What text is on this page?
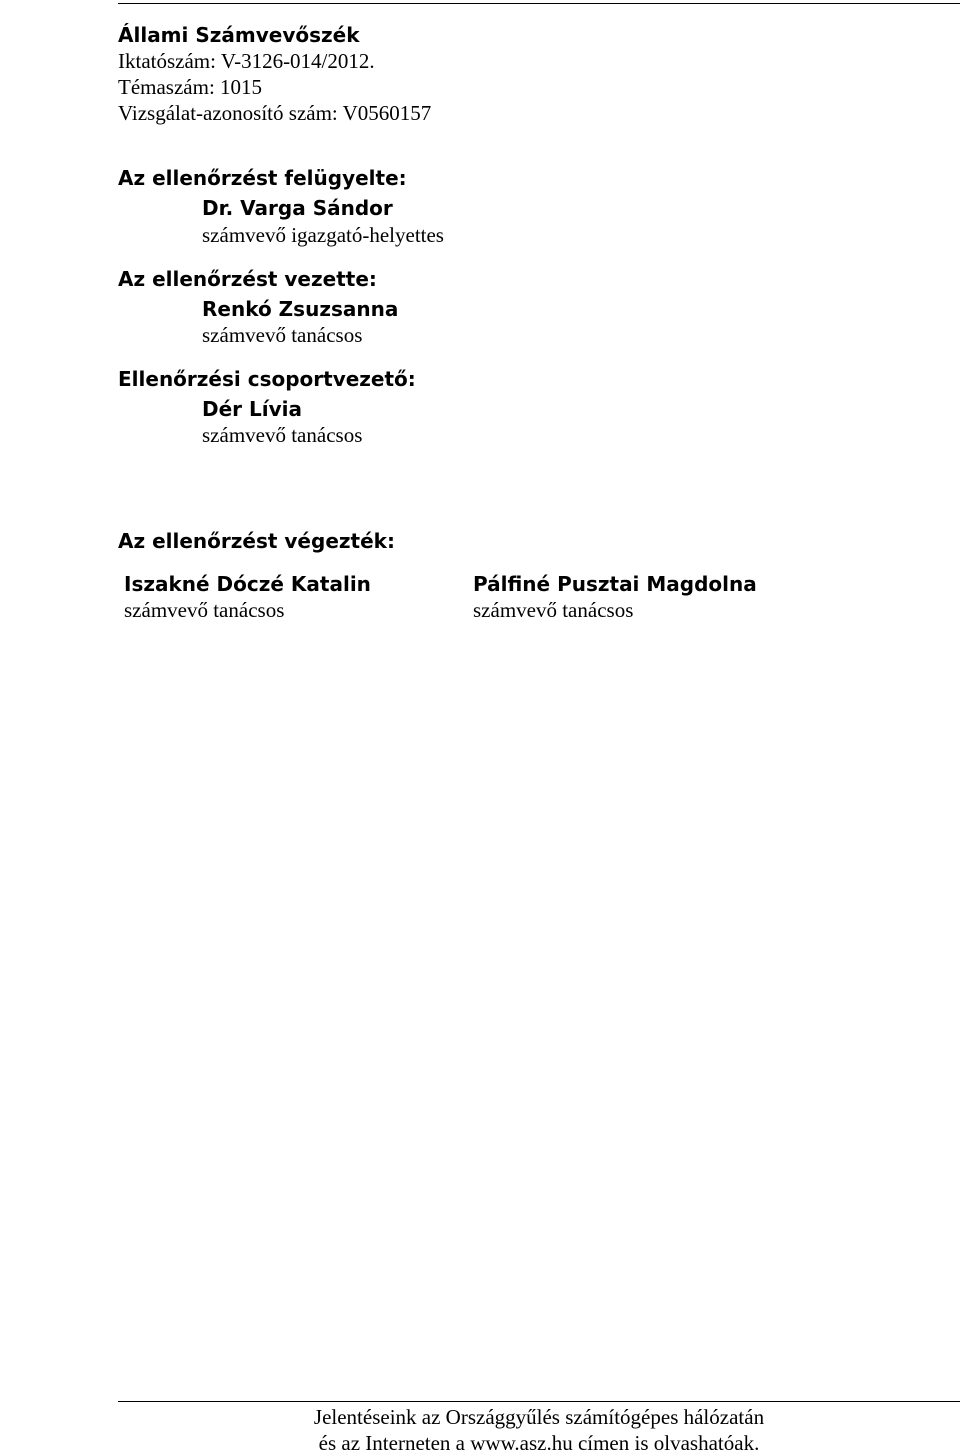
Állami Számvevőszék
Iktatószám: V-3126-014/2012.
Témaszám: 1015
Vizsgálat-azonosító szám: V0560157
Az ellenőrzést felügyelte:
Dr. Varga Sándor
számvevő igazgató-helyettes
Az ellenőrzést vezette:
Renkó Zsuzsanna
számvevő tanácsos
Ellenőrzési csoportvezető:
Dér Lívia
számvevő tanácsos
Az ellenőrzést végezték:
Iszakné Dóczé Katalin
számvevő tanácsos
Pálfiné Pusztai Magdolna
számvevő tanácsos
Jelentéseink az Országgyűlés számítógépes hálózatán
és az Interneten a www.asz.hu címen is olvashatóak.
